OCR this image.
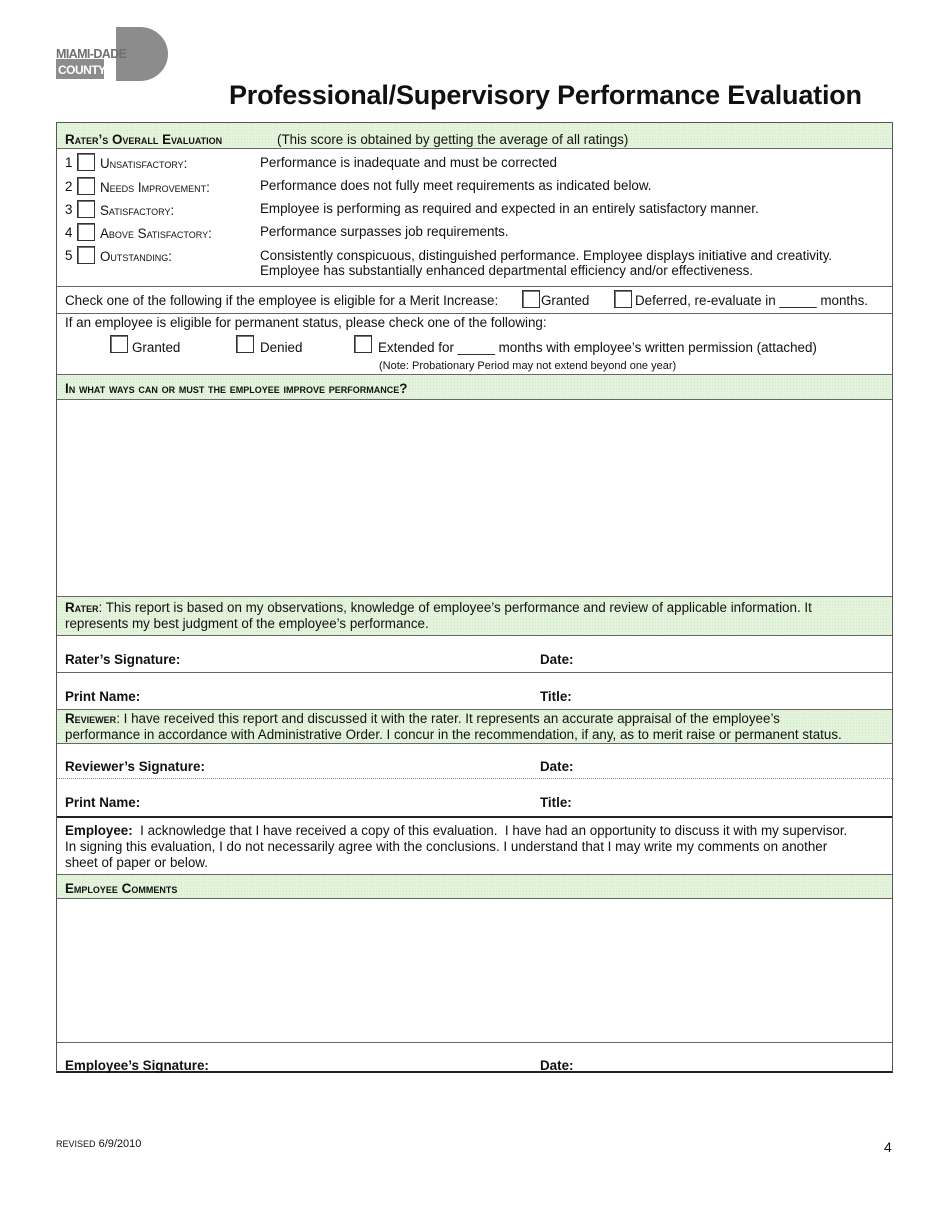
MIAMI-DADE
COUNTY
Professional/Supervisory Performance Evaluation
Rater’s Overall Evaluation	(This score is obtained by getting the average of all ratings)
1 Unsatisfactory:	Performance is inadequate and must be corrected
2 Needs Improvement:	Performance does not fully meet requirements as indicated below.
3 Satisfactory:	Employee is performing as required and expected in an entirely satisfactory manner.
4 Above Satisfactory:	Performance surpasses job requirements.
5 Outstanding:	Consistently conspicuous, distinguished performance. Employee displays initiative and creativity.
Employee has substantially enhanced departmental efficiency and/or effectiveness.
Check one of the following if the employee is eligible for a Merit Increase:	Granted	Deferred, re-evaluate in _____ months.
If an employee is eligible for permanent status, please check one of the following:
Granted	Denied	Extended for _____ months with employee’s written permission (attached)
(Note: Probationary Period may not extend beyond one year)
In what ways can or must the employee improve performance?
Rater: This report is based on my observations, knowledge of employee’s performance and review of applicable information. It
represents my best judgment of the employee’s performance.
Rater’s Signature:	Date:
Print Name:	Title:
Reviewer: I have received this report and discussed it with the rater. It represents an accurate appraisal of the employee’s
performance in accordance with Administrative Order. I concur in the recommendation, if any, as to merit raise or permanent status.
Reviewer’s Signature:	Date:
Print Name:	Title:
Employee:  I acknowledge that I have received a copy of this evaluation.  I have had an opportunity to discuss it with my supervisor.
In signing this evaluation, I do not necessarily agree with the conclusions. I understand that I may write my comments on another
sheet of paper or below.
Employee Comments
Employee’s Signature:	Date:
REVISED 6/9/2010	4
